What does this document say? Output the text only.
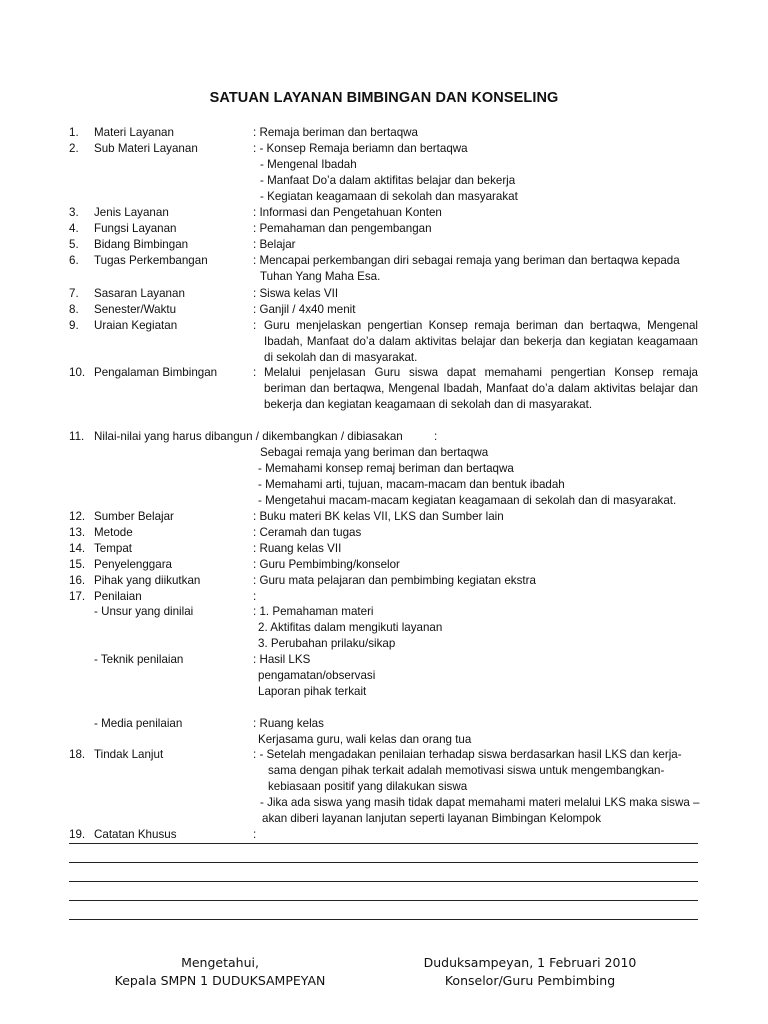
SATUAN LAYANAN BIMBINGAN DAN KONSELING
1. Materi Layanan	: Remaja beriman dan bertaqwa
2. Sub Materi Layanan	: - Konsep Remaja beriamn dan bertaqwa
- Mengenal Ibadah
- Manfaat Do’a dalam aktifitas belajar dan bekerja
- Kegiatan keagamaan di sekolah dan masyarakat
3. Jenis Layanan	: Informasi dan Pengetahuan Konten
4. Fungsi Layanan	: Pemahaman dan pengembangan
5. Bidang Bimbingan	: Belajar
6. Tugas Perkembangan	: Mencapai perkembangan diri sebagai remaja yang beriman dan bertaqwa kepada
Tuhan Yang Maha Esa.
7. Sasaran Layanan	: Siswa kelas VII
8. Senester/Waktu	: Ganjil / 4x40 menit
9. Uraian Kegiatan	: Guru menjelaskan pengertian Konsep remaja beriman dan bertaqwa, Mengenal Ibadah, Manfaat do’a dalam aktivitas belajar dan bekerja dan kegiatan keagamaan di sekolah dan di masyarakat.
10. Pengalaman Bimbingan	: Melalui penjelasan Guru siswa dapat memahami pengertian Konsep remaja beriman dan bertaqwa, Mengenal Ibadah, Manfaat do’a dalam aktivitas belajar dan bekerja dan kegiatan keagamaan di sekolah dan di masyarakat.
11. Nilai-nilai yang harus dibangun / dikembangkan / dibiasakan	:
Sebagai remaja yang beriman dan bertaqwa
- Memahami konsep remaj beriman dan bertaqwa
- Memahami arti, tujuan, macam-macam dan bentuk ibadah
- Mengetahui macam-macam kegiatan keagamaan di sekolah dan di masyarakat.
12. Sumber Belajar	: Buku materi BK kelas VII, LKS dan Sumber lain
13. Metode	: Ceramah dan tugas
14. Tempat	: Ruang kelas VII
15. Penyelenggara	: Guru Pembimbing/konselor
16. Pihak yang diikutkan	: Guru mata pelajaran dan pembimbing kegiatan ekstra
17. Penilaian	:
- Unsur yang dinilai	: 1. Pemahaman materi
2. Aktifitas dalam mengikuti layanan
3. Perubahan prilaku/sikap
- Teknik penilaian	: Hasil LKS
pengamatan/observasi
Laporan pihak terkait
- Media penilaian	: Ruang kelas
Kerjasama guru, wali kelas dan orang tua
18. Tindak Lanjut	: - Setelah mengadakan penilaian terhadap siswa berdasarkan hasil LKS dan kerja-
sama dengan pihak terkait adalah memotivasi siswa untuk mengembangkan-
kebiasaan positif yang dilakukan siswa
- Jika ada siswa yang masih tidak dapat memahami materi melalui LKS maka siswa –
akan diberi layanan lanjutan seperti layanan Bimbingan Kelompok
19. Catatan Khusus	:
Mengetahui,
Kepala SMPN 1 DUDUKSAMPEYAN
Duduksampeyan, 1 Februari 2010
Konselor/Guru Pembimbing
